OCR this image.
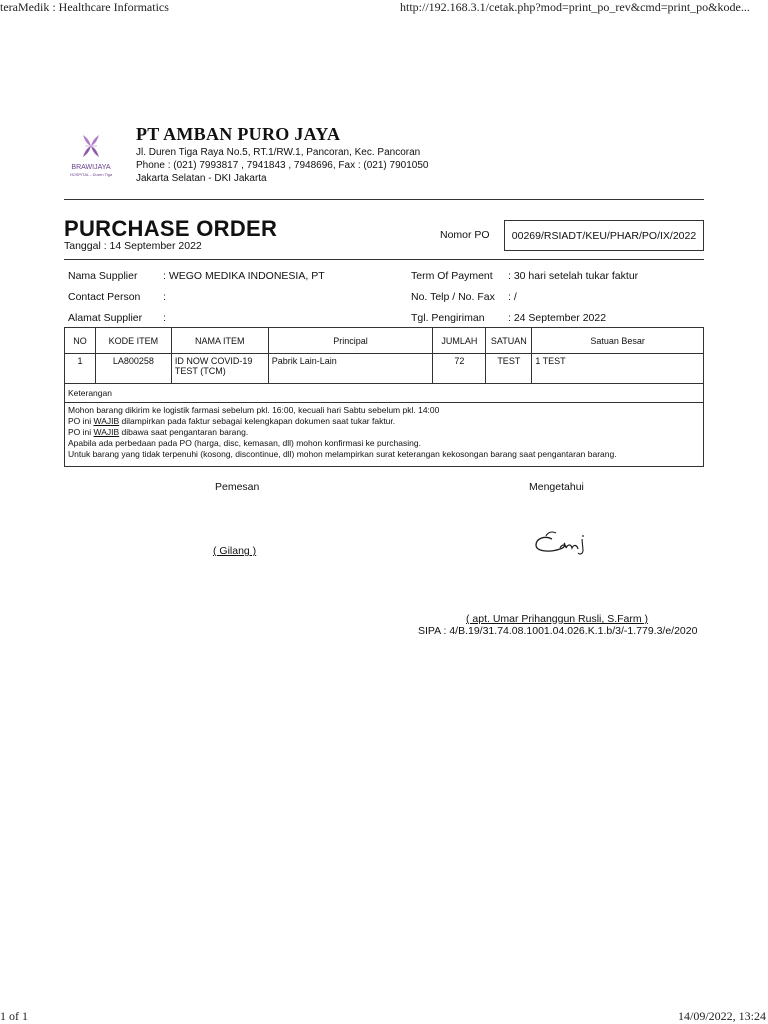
teraMedik : Healthcare Informatics	http://192.168.3.1/cetak.php?mod=print_po_rev&cmd=print_po&kode...
BRAWIJAYA
HOSPITAL - Duren Tiga
PT AMBAN PURO JAYA
Jl. Duren Tiga Raya No.5, RT.1/RW.1, Pancoran, Kec. Pancoran
Phone : (021) 7993817 , 7941843 , 7948696, Fax : (021) 7901050
Jakarta Selatan - DKI Jakarta
PURCHASE ORDER
Tanggal : 14 September 2022
Nomor PO 00269/RSIADT/KEU/PHAR/PO/IX/2022
Nama Supplier : WEGO MEDIKA INDONESIA, PT
Contact Person :
Alamat Supplier :
Term Of Payment : 30 hari setelah tukar faktur
No. Telp / No. Fax : /
Tgl. Pengiriman : 24 September 2022
NO	KODE ITEM	NAMA ITEM	Principal	JUMLAH	SATUAN	Satuan Besar
1	LA800258	ID NOW COVID-19 TEST (TCM)	Pabrik Lain-Lain	72	TEST	1 TEST
Keterangan
Mohon barang dikirim ke logistik farmasi sebelum pkl. 16:00, kecuali hari Sabtu sebelum pkl. 14:00
PO ini WAJIB dilampirkan pada faktur sebagai kelengkapan dokumen saat tukar faktur.
PO ini WAJIB dibawa saat pengantaran barang.
Apabila ada perbedaan pada PO (harga, disc, kemasan, dll) mohon konfirmasi ke purchasing.
Untuk barang yang tidak terpenuhi (kosong, discontinue, dll) mohon melampirkan surat keterangan kekosongan barang saat pengantaran barang.
Pemesan
( Gilang )
Mengetahui
( apt. Umar Prihanggun Rusli, S.Farm )
SIPA : 4/B.19/31.74.08.1001.04.026.K.1.b/3/-1.779.3/e/2020
1 of 1	14/09/2022, 13:24
